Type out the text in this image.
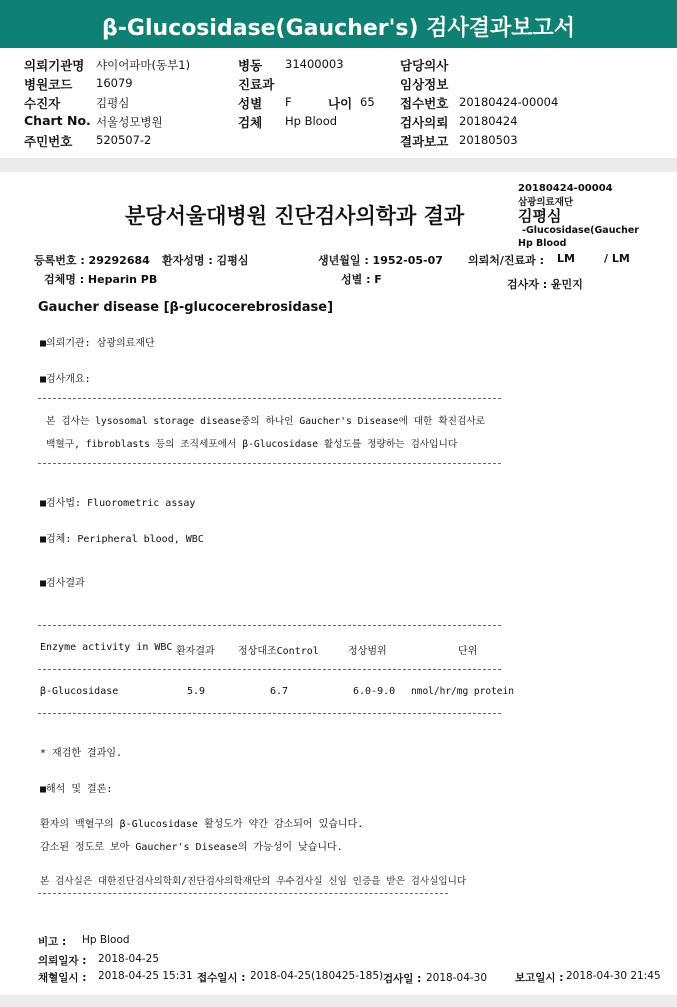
β-Glucosidase(Gaucher's) 검사결과보고서
의뢰기관명 샤이어파마(동부1)	병동 31400003	담당의사
병원코드 16079	진료과	임상정보
수진자	김평심	성별 F	나이 65 접수번호 20180424-00004
Chart No. 서울성모병원	검체 Hp Blood	검사의뢰 20180424
주민번호 520507-2	결과보고 20180503
분당서울대병원 진단검사의학과 결과
20180424-00004
삼광의료재단
김평심
-Glucosidase(Gaucher
Hp Blood
등록번호 : 29292684 환자성명 : 김평심	생년월일 : 1952-05-07 의뢰처/진료과 : LM	/ LM
검체명 : Heparin PB	성별 : F	검사자 : 윤민지
Gaucher disease [β-glucocerebrosidase]
■의뢰기관: 삼광의료재단
■검사개요:
본 검사는 lysosomal storage disease중의 하나인 Gaucher's Disease에 대한 확진검사로
백혈구, fibroblasts 등의 조직세포에서 β-Glucosidase 활성도를 정량하는 검사입니다
■검사법: Fluorometric assay
■검체: Peripheral blood, WBC
■검사결과
Enzyme activity in WBC 환자결과 정상대조Control	정상범위	단위
β-Glucosidase	5.9	6.7	6.0-9.0 nmol/hr/mg protein
* 재검한 결과임.
■해석 및 결론:
환자의 백혈구의 β-Glucosidase 활성도가 약간 감소되어 있습니다.
감소된 정도로 보아 Gaucher's Disease의 가능성이 낮습니다.
본 검사실은 대한진단검사의학회/진단검사의학재단의 우수검사실 신임 인증을 받은 검사실입니다
비고 : Hp Blood
의뢰일자 : 2018-04-25
채혈일시 : 2018-04-25 15:31 접수일시 : 2018-04-25(180425-185) 검사일 : 2018-04-30	보고일시 : 2018-04-30 21:45
